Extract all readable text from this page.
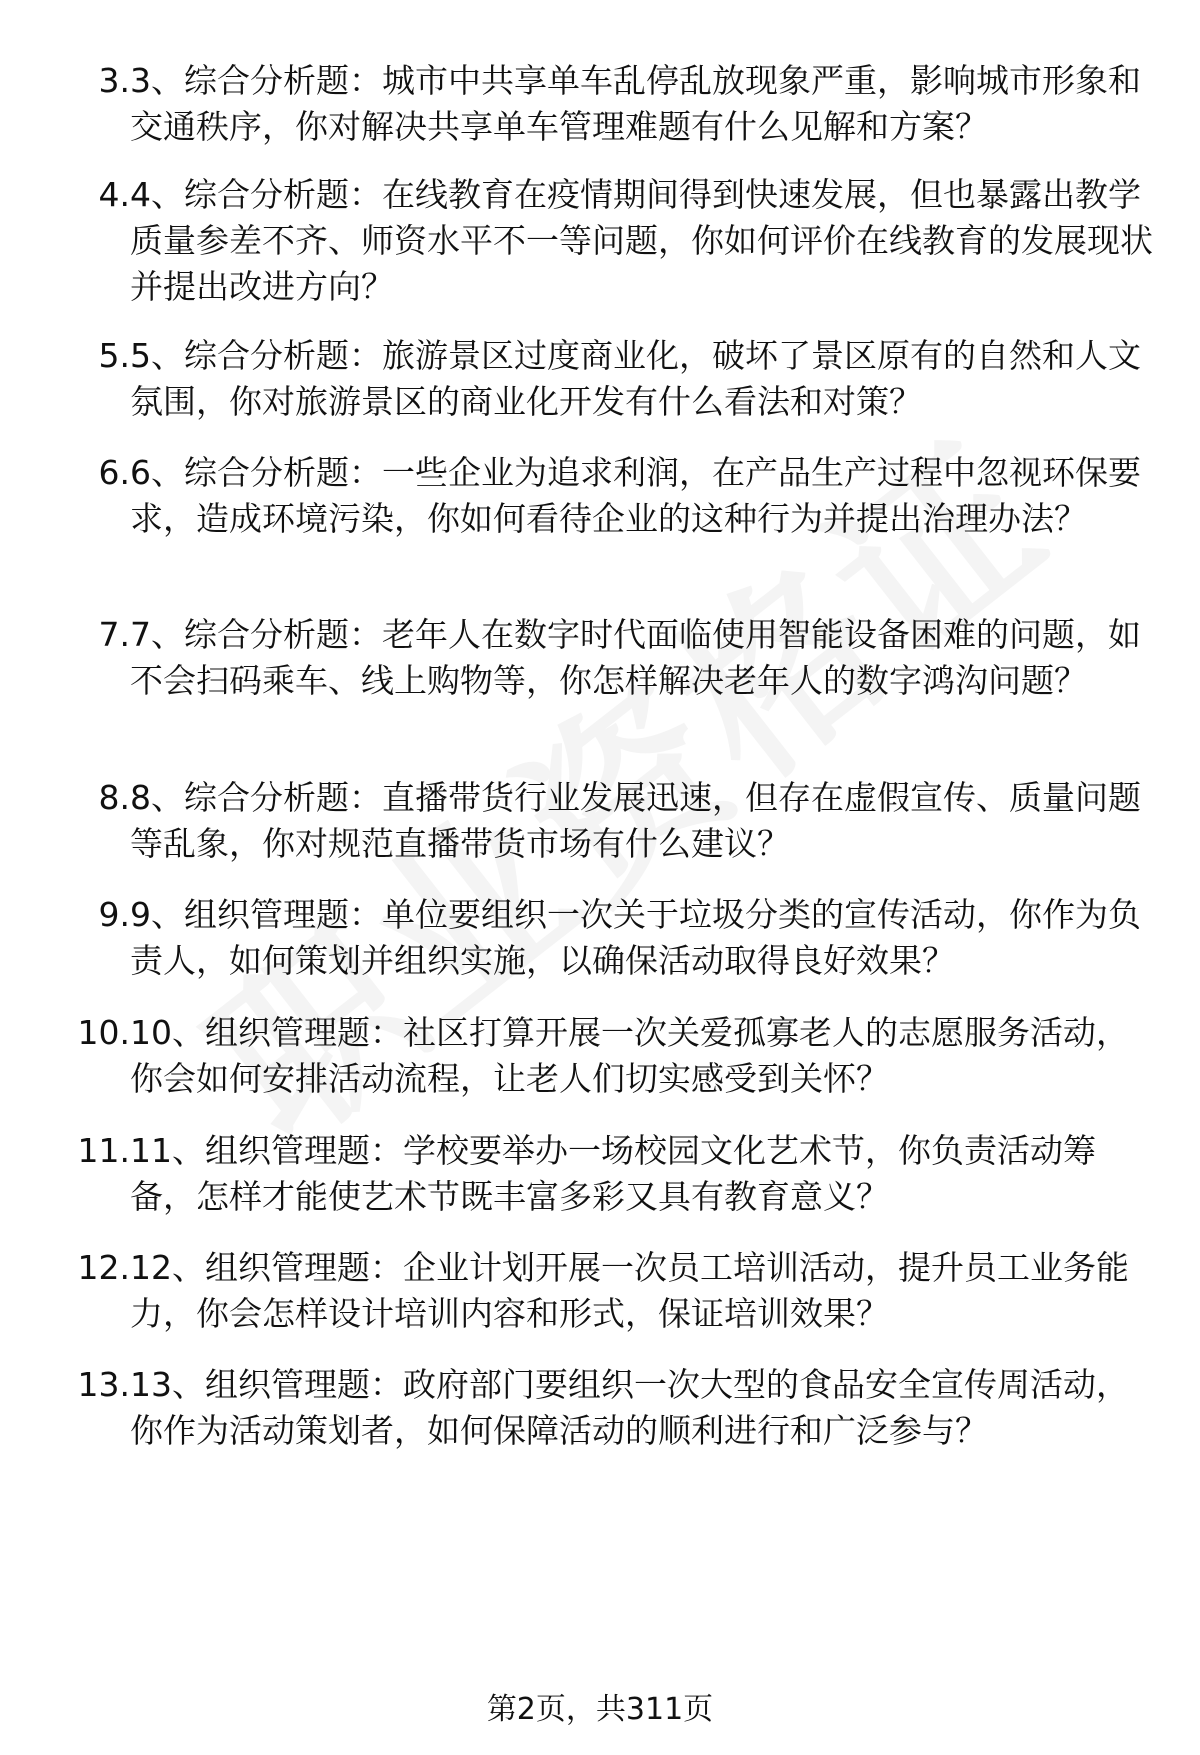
3. 3、综合分析题：城市中共享单车乱停乱放现象严重，影响城市形象和交通秩序，你对解决共享单车管理难题有什么见解和方案？
4. 4、综合分析题：在线教育在疫情期间得到快速发展，但也暴露出教学质量参差不齐、师资水平不一等问题，你如何评价在线教育的发展现状并提出改进方向？
5. 5、综合分析题：旅游景区过度商业化，破坏了景区原有的自然和人文氛围，你对旅游景区的商业化开发有什么看法和对策？
6. 6、综合分析题：一些企业为追求利润，在产品生产过程中忽视环保要求，造成环境污染，你如何看待企业的这种行为并提出治理办法？
7. 7、综合分析题：老年人在数字时代面临使用智能设备困难的问题，如不会扫码乘车、线上购物等，你怎样解决老年人的数字鸿沟问题？
8. 8、综合分析题：直播带货行业发展迅速，但存在虚假宣传、质量问题等乱象，你对规范直播带货市场有什么建议？
9. 9、组织管理题：单位要组织一次关于垃圾分类的宣传活动，你作为负责人，如何策划并组织实施，以确保活动取得良好效果？
10. 10、组织管理题：社区打算开展一次关爱孤寡老人的志愿服务活动，你会如何安排活动流程，让老人们切实感受到关怀？
11. 11、组织管理题：学校要举办一场校园文化艺术节，你负责活动筹备，怎样才能使艺术节既丰富多彩又具有教育意义？
12. 12、组织管理题：企业计划开展一次员工培训活动，提升员工业务能力，你会怎样设计培训内容和形式，保证培训效果？
13. 13、组织管理题：政府部门要组织一次大型的食品安全宣传周活动，你作为活动策划者，如何保障活动的顺利进行和广泛参与？
第2页，共311页
